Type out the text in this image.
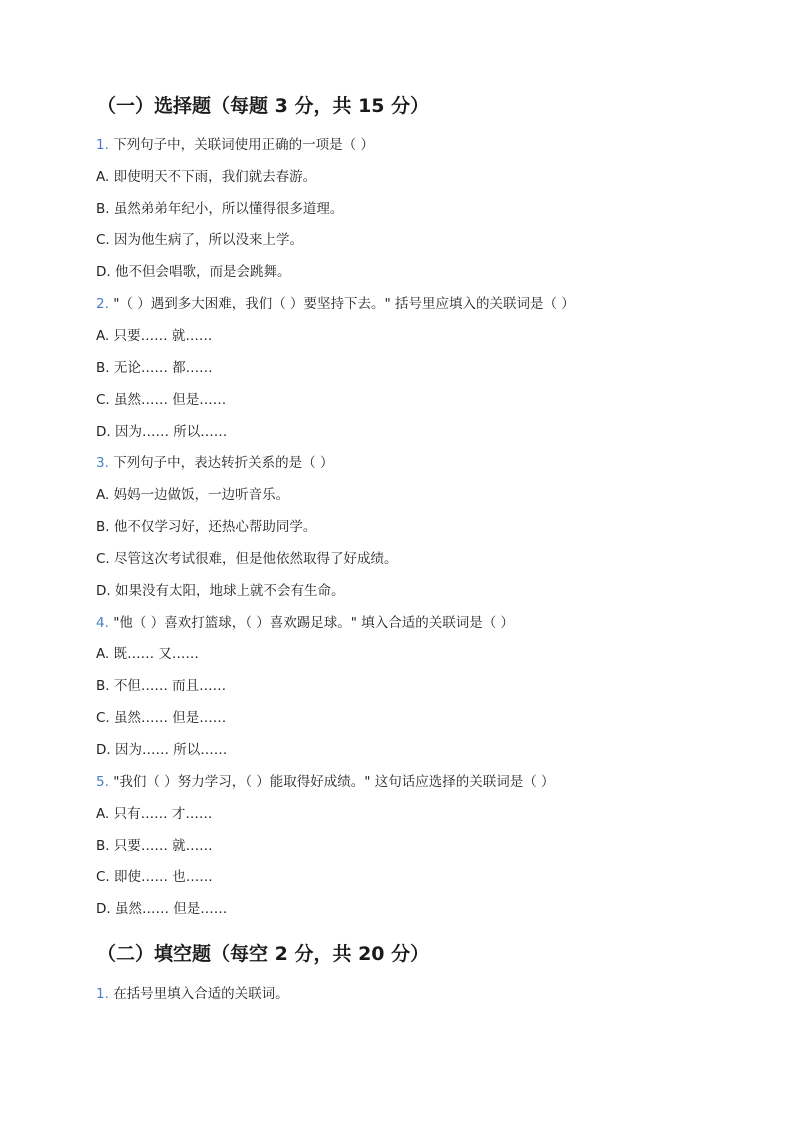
（一）选择题（每题 3 分，共 15 分）
1. 下列句子中，关联词使用正确的一项是（ ）
A. 即使明天不下雨，我们就去春游。
B. 虽然弟弟年纪小，所以懂得很多道理。
C. 因为他生病了，所以没来上学。
D. 他不但会唱歌，而是会跳舞。
2. "（ ）遇到多大困难，我们（ ）要坚持下去。" 括号里应填入的关联词是（ ）
A. 只要…… 就……
B. 无论…… 都……
C. 虽然…… 但是……
D. 因为…… 所以……
3. 下列句子中，表达转折关系的是（ ）
A. 妈妈一边做饭，一边听音乐。
B. 他不仅学习好，还热心帮助同学。
C. 尽管这次考试很难，但是他依然取得了好成绩。
D. 如果没有太阳，地球上就不会有生命。
4. "他（ ）喜欢打篮球，（ ）喜欢踢足球。" 填入合适的关联词是（ ）
A. 既…… 又……
B. 不但…… 而且……
C. 虽然…… 但是……
D. 因为…… 所以……
5. "我们（ ）努力学习，（ ）能取得好成绩。" 这句话应选择的关联词是（ ）
A. 只有…… 才……
B. 只要…… 就……
C. 即使…… 也……
D. 虽然…… 但是……
（二）填空题（每空 2 分，共 20 分）
1. 在括号里填入合适的关联词。
